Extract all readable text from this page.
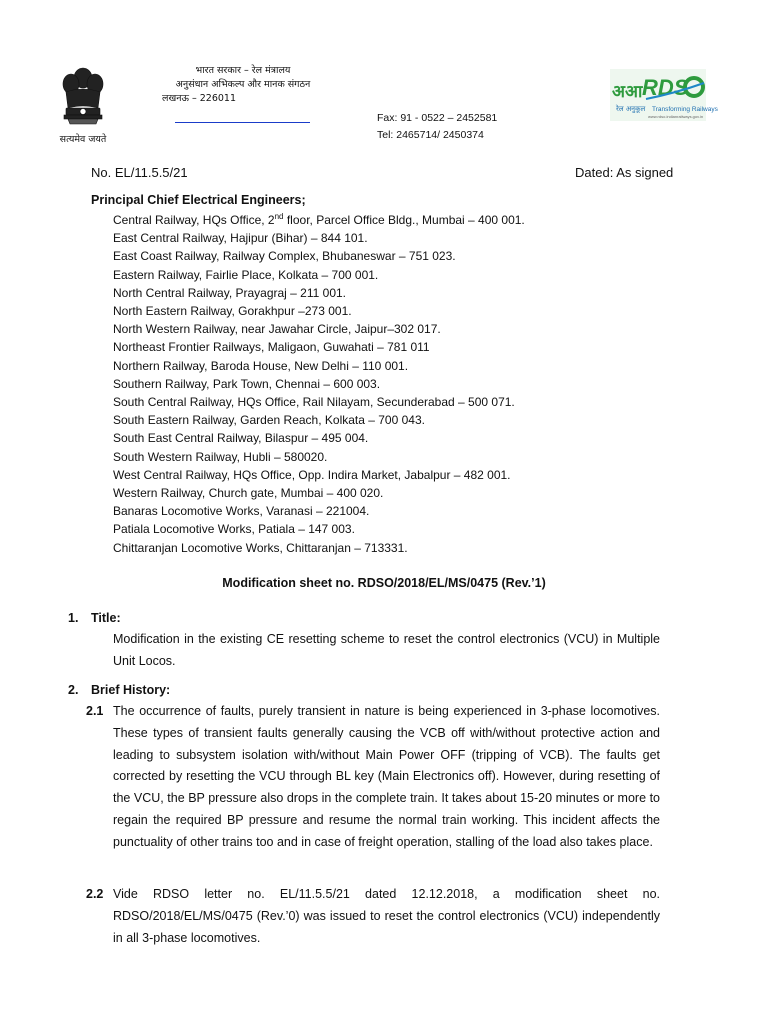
सत्यमेव जयते
भारत सरकार – रेल मंत्रालय
अनुसंधान अभिकल्प और मानक संगठन
लखनऊ – 226011
Fax: 91 - 0522 – 2452581
Tel: 2465714/ 2450374
अआ RDS
रेल अनुकूल Transforming Railways
www.rdso.indianrailways.gov.in
No. EL/11.5.5/21	Dated: As signed
Principal Chief Electrical Engineers;
Central Railway, HQs Office, 2nd floor, Parcel Office Bldg., Mumbai – 400 001.
East Central Railway, Hajipur (Bihar) – 844 101.
East Coast Railway, Railway Complex, Bhubaneswar – 751 023.
Eastern Railway, Fairlie Place, Kolkata – 700 001.
North Central Railway, Prayagraj – 211 001.
North Eastern Railway, Gorakhpur –273 001.
North Western Railway, near Jawahar Circle, Jaipur–302 017.
Northeast Frontier Railways, Maligaon, Guwahati – 781 011
Northern Railway, Baroda House, New Delhi – 110 001.
Southern Railway, Park Town, Chennai – 600 003.
South Central Railway, HQs Office, Rail Nilayam, Secunderabad – 500 071.
South Eastern Railway, Garden Reach, Kolkata – 700 043.
South East Central Railway, Bilaspur – 495 004.
South Western Railway, Hubli – 580020.
West Central Railway, HQs Office, Opp. Indira Market, Jabalpur – 482 001.
Western Railway, Church gate, Mumbai – 400 020.
Banaras Locomotive Works, Varanasi – 221004.
Patiala Locomotive Works, Patiala – 147 003.
Chittaranjan Locomotive Works, Chittaranjan – 713331.
Modification sheet no. RDSO/2018/EL/MS/0475 (Rev.’1)
1. Title:

Modification in the existing CE resetting scheme to reset the control electronics (VCU) in Multiple Unit Locos.

2. Brief History:
2.1 The occurrence of faults, purely transient in nature is being experienced in 3-phase locomotives. These types of transient faults generally causing the VCB off with/without protective action and leading to subsystem isolation with/without Main Power OFF (tripping of VCB). The faults get corrected by resetting the VCU through BL key (Main Electronics off). However, during resetting of the VCU, the BP pressure also drops in the complete train. It takes about 15-20 minutes or more to regain the required BP pressure and resume the normal train working. This incident affects the punctuality of other trains too and in case of freight operation, stalling of the load also takes place.

2.2 Vide RDSO letter no. EL/11.5.5/21 dated 12.12.2018, a modification sheet no. RDSO/2018/EL/MS/0475 (Rev.’0) was issued to reset the control electronics (VCU) independently in all 3-phase locomotives.
